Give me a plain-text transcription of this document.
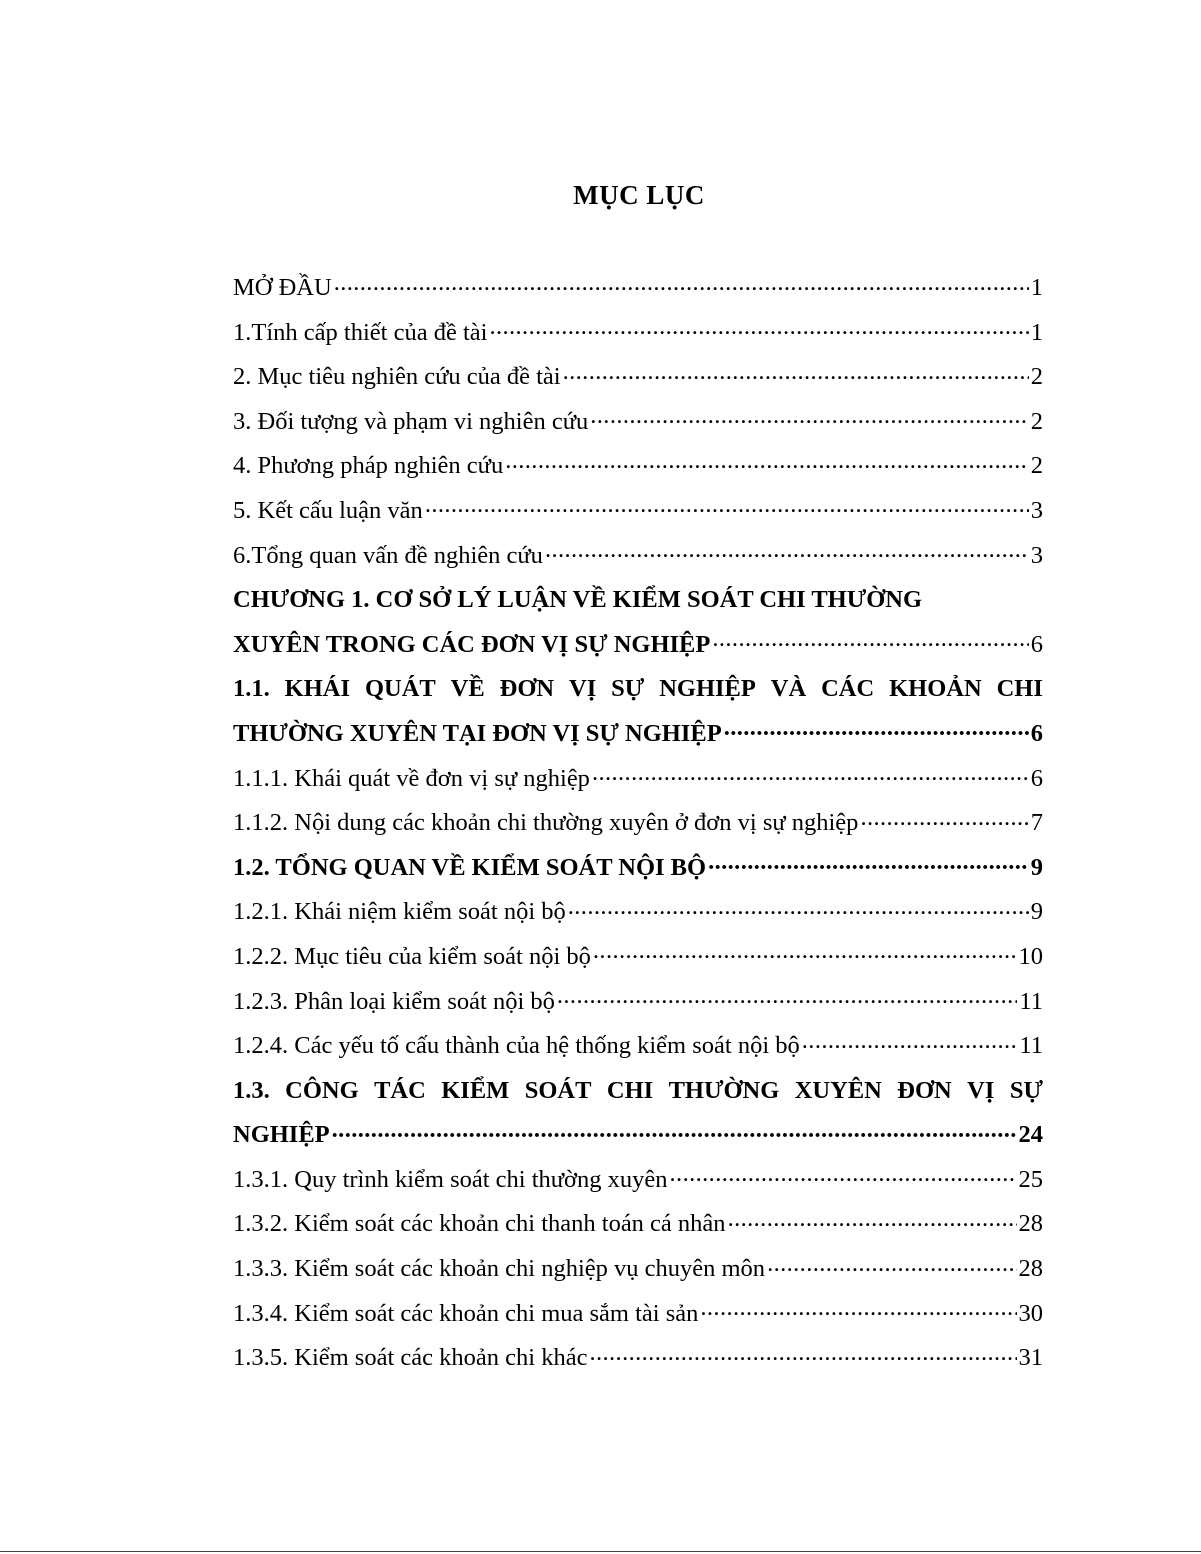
MỤC LỤC
MỞ ĐẦU .....	1
1.Tính cấp thiết của đề tài .....	1
2. Mục tiêu nghiên cứu của đề tài .....	2
3. Đối tượng và phạm vi nghiên cứu .....	2
4. Phương pháp nghiên cứu .....	2
5. Kết cấu luận văn .....	3
6.Tổng quan vấn đề nghiên cứu .....	3
CHƯƠNG 1. CƠ SỞ LÝ LUẬN VỀ KIỂM SOÁT CHI THƯỜNG
XUYÊN TRONG CÁC ĐƠN VỊ SỰ NGHIỆP .....	6
1.1. KHÁI QUÁT VỀ ĐƠN VỊ SỰ NGHIỆP VÀ CÁC KHOẢN CHI
THƯỜNG XUYÊN TẠI ĐƠN VỊ SỰ NGHIỆP .....	6
1.1.1. Khái quát về đơn vị sự nghiệp .....	6
1.1.2. Nội dung các khoản chi thường xuyên ở đơn vị sự nghiệp .....	7
1.2. TỔNG QUAN VỀ KIỂM SOÁT NỘI BỘ .....	9
1.2.1. Khái niệm kiểm soát nội bộ .....	9
1.2.2. Mục tiêu của kiểm soát nội bộ .....	10
1.2.3. Phân loại kiểm soát nội bộ .....	11
1.2.4. Các yếu tố cấu thành của hệ thống kiểm soát nội bộ .....	11
1.3. CÔNG TÁC KIỂM SOÁT CHI THƯỜNG XUYÊN ĐƠN VỊ SỰ
NGHIỆP .....	24
1.3.1. Quy trình kiểm soát chi thường xuyên .....	25
1.3.2. Kiểm soát các khoản chi thanh toán cá nhân .....	28
1.3.3. Kiểm soát các khoản chi nghiệp vụ chuyên môn .....	28
1.3.4. Kiểm soát các khoản chi mua sắm tài sản .....	30
1.3.5. Kiểm soát các khoản chi khác .....	31
